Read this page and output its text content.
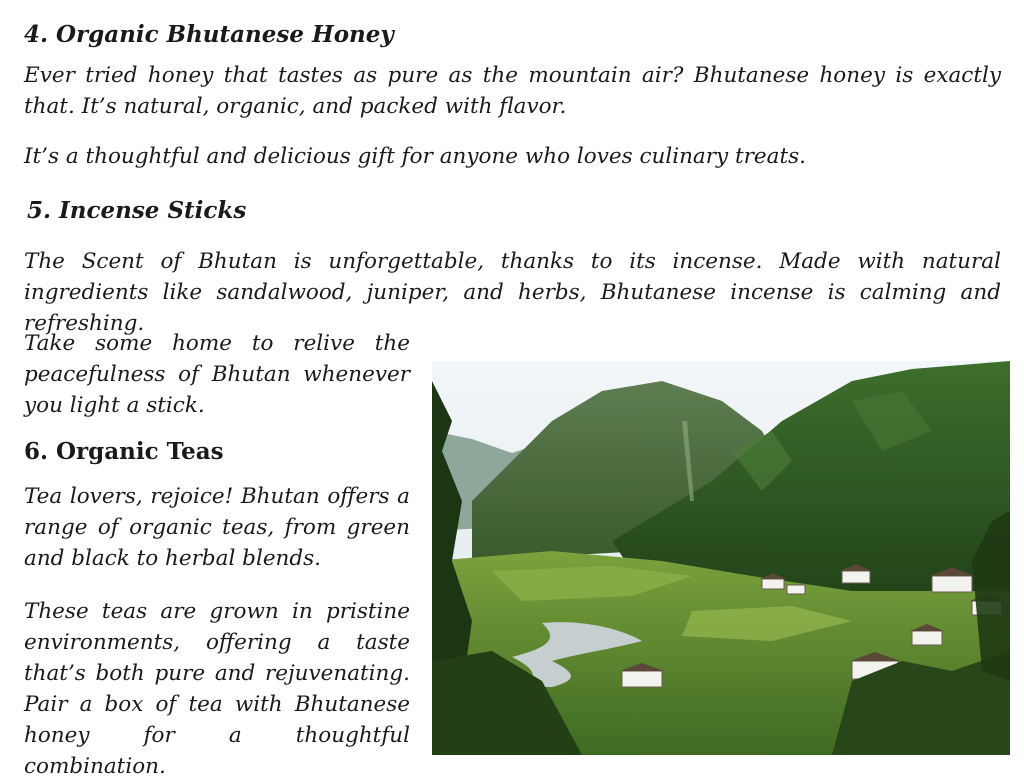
4. Organic Bhutanese Honey

Ever tried honey that tastes as pure as the mountain air? Bhutanese honey is exactly that. It’s natural, organic, and packed with flavor.

It’s a thoughtful and delicious gift for anyone who loves culinary treats.

5. Incense Sticks

The Scent of Bhutan is unforgettable, thanks to its incense. Made with natural ingredients like sandalwood, juniper, and herbs, Bhutanese incense is calming and refreshing.

Take some home to relive the peacefulness of Bhutan whenever you light a stick.

6. Organic Teas

Tea lovers, rejoice! Bhutan offers a range of organic teas, from green and black to herbal blends.

These teas are grown in pristine environments, offering a taste that’s both pure and rejuvenating. Pair a box of tea with Bhutanese honey for a thoughtful combination.
